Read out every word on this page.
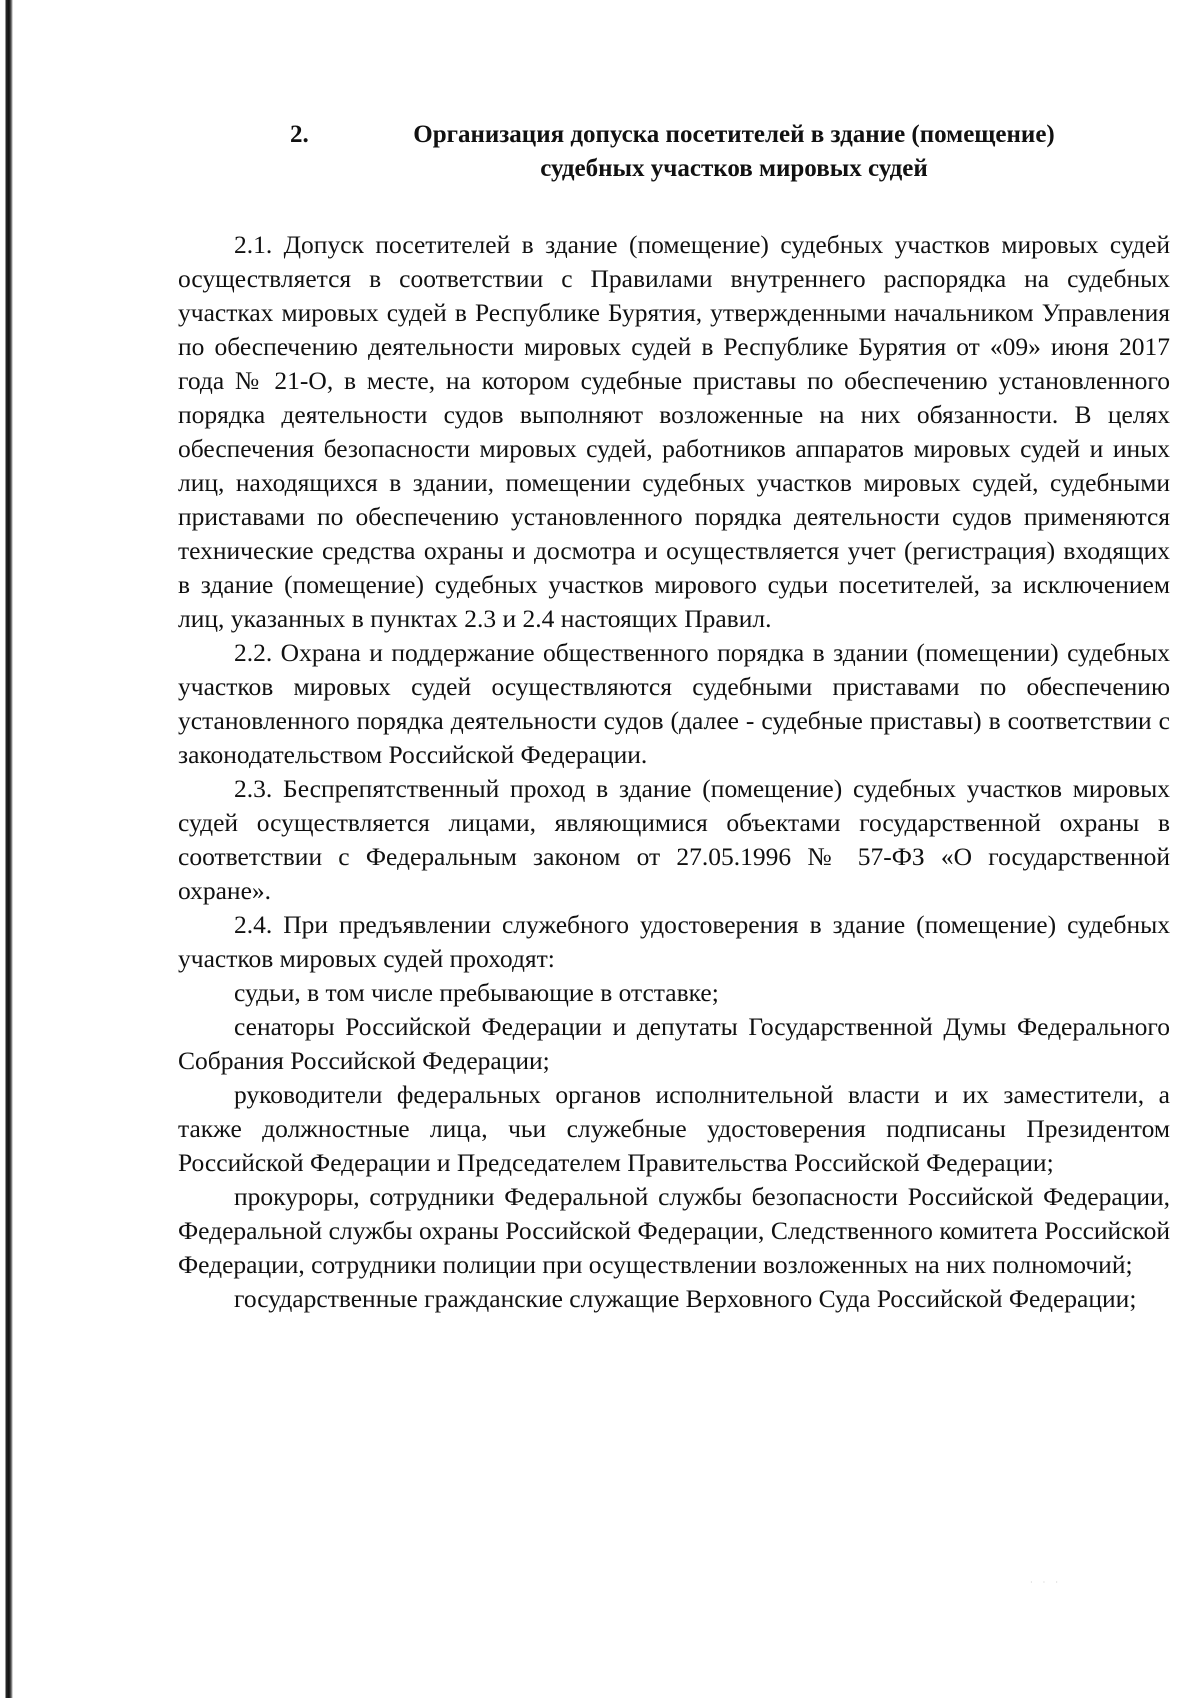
2.	Организация допуска посетителей в здание (помещение)
судебных участков мировых судей

2.1. Допуск посетителей в здание (помещение) судебных участков мировых судей осуществляется в соответствии с Правилами внутреннего распорядка на судебных участках мировых судей в Республике Бурятия, утвержденными начальником Управления по обеспечению деятельности мировых судей в Республике Бурятия от «09» июня 2017 года № 21-О, в месте, на котором судебные приставы по обеспечению установленного порядка деятельности судов выполняют возложенные на них обязанности. В целях обеспечения безопасности мировых судей, работников аппаратов мировых судей и иных лиц, находящихся в здании, помещении судебных участков мировых судей, судебными приставами по обеспечению установленного порядка деятельности судов применяются технические средства охраны и досмотра и осуществляется учет (регистрация) входящих в здание (помещение) судебных участков мирового судьи посетителей, за исключением лиц, указанных в пунктах 2.3 и 2.4 настоящих Правил.

2.2. Охрана и поддержание общественного порядка в здании (помещении) судебных участков мировых судей осуществляются судебными приставами по обеспечению установленного порядка деятельности судов (далее - судебные приставы) в соответствии с законодательством Российской Федерации.

2.3. Беспрепятственный проход в здание (помещение) судебных участков мировых судей осуществляется лицами, являющимися объектами государственной охраны в соответствии с Федеральным законом от 27.05.1996 № 57-ФЗ «О государственной охране».

2.4. При предъявлении служебного удостоверения в здание (помещение) судебных участков мировых судей проходят:

судьи, в том числе пребывающие в отставке;

сенаторы Российской Федерации и депутаты Государственной Думы Федерального Собрания Российской Федерации;

руководители федеральных органов исполнительной власти и их заместители, а также должностные лица, чьи служебные удостоверения подписаны Президентом Российской Федерации и Председателем Правительства Российской Федерации;

прокуроры, сотрудники Федеральной службы безопасности Российской Федерации, Федеральной службы охраны Российской Федерации, Следственного комитета Российской Федерации, сотрудники полиции при осуществлении возложенных на них полномочий;

государственные гражданские служащие Верховного Суда Российской Федерации;

· · ·
